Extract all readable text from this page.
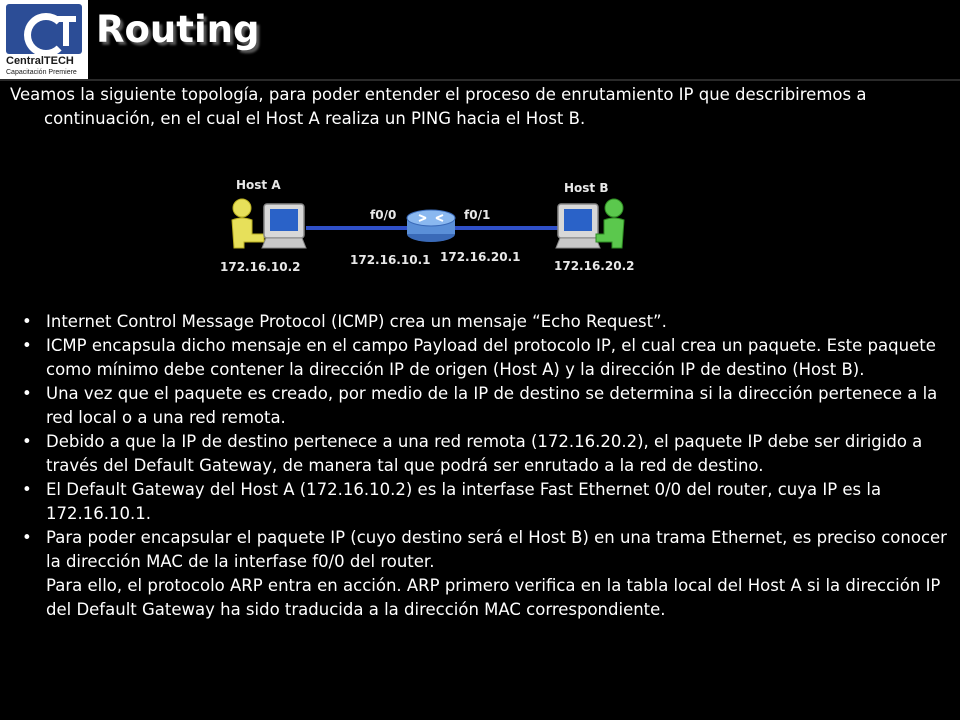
CentralTECH
Capacitación Premiere
Routing
Veamos la siguiente topología, para poder entender el proceso de enrutamiento IP que describiremos a continuación, en el cual el Host A realiza un PING hacia el Host B.
Host A	Host B
f0/0	f0/1
172.16.10.1 172.16.20.1
172.16.10.2	172.16.20.2
• Internet Control Message Protocol (ICMP) crea un mensaje “Echo Request”.
• ICMP encapsula dicho mensaje en el campo Payload del protocolo IP, el cual crea un paquete. Este paquete como mínimo debe contener la dirección IP de origen (Host A) y la dirección IP de destino (Host B).
• Una vez que el paquete es creado, por medio de la IP de destino se determina si la dirección pertenece a la red local o a una red remota.
• Debido a que la IP de destino pertenece a una red remota (172.16.20.2), el paquete IP debe ser dirigido a través del Default Gateway, de manera tal que podrá ser enrutado a la red de destino.
• El Default Gateway del Host A (172.16.10.2) es la interfase Fast Ethernet 0/0 del router, cuya IP es la 172.16.10.1.
• Para poder encapsular el paquete IP (cuyo destino será el Host B) en una trama Ethernet, es preciso conocer la dirección MAC de la interfase f0/0 del router.
Para ello, el protocolo ARP entra en acción. ARP primero verifica en la tabla local del Host A si la dirección IP del Default Gateway ha sido traducida a la dirección MAC correspondiente.
